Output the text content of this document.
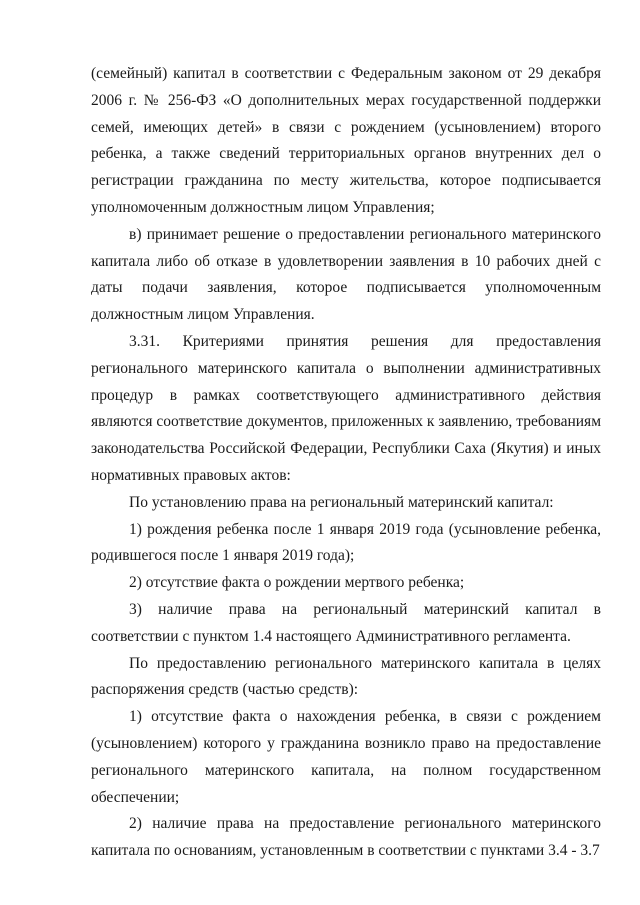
(семейный) капитал в соответствии с Федеральным законом от 29 декабря 2006 г. № 256-ФЗ «О дополнительных мерах государственной поддержки семей, имеющих детей» в связи с рождением (усыновлением) второго ребенка, а также сведений территориальных органов внутренних дел о регистрации гражданина по месту жительства, которое подписывается уполномоченным должностным лицом Управления;

в) принимает решение о предоставлении регионального материнского капитала либо об отказе в удовлетворении заявления в 10 рабочих дней с даты подачи заявления, которое подписывается уполномоченным должностным лицом Управления.

3.31. Критериями принятия решения для предоставления регионального материнского капитала о выполнении административных процедур в рамках соответствующего административного действия являются соответствие документов, приложенных к заявлению, требованиям законодательства Российской Федерации, Республики Саха (Якутия) и иных нормативных правовых актов:

По установлению права на региональный материнский капитал:

1) рождения ребенка после 1 января 2019 года (усыновление ребенка, родившегося после 1 января 2019 года);

2) отсутствие факта о рождении мертвого ребенка;

3) наличие права на региональный материнский капитал в соответствии с пунктом 1.4 настоящего Административного регламента.

По предоставлению регионального материнского капитала в целях распоряжения средств (частью средств):

1) отсутствие факта о нахождения ребенка, в связи с рождением (усыновлением) которого у гражданина возникло право на предоставление регионального материнского капитала, на полном государственном обеспечении;

2) наличие права на предоставление регионального материнского капитала по основаниям, установленным в соответствии с пунктами 3.4 - 3.7
